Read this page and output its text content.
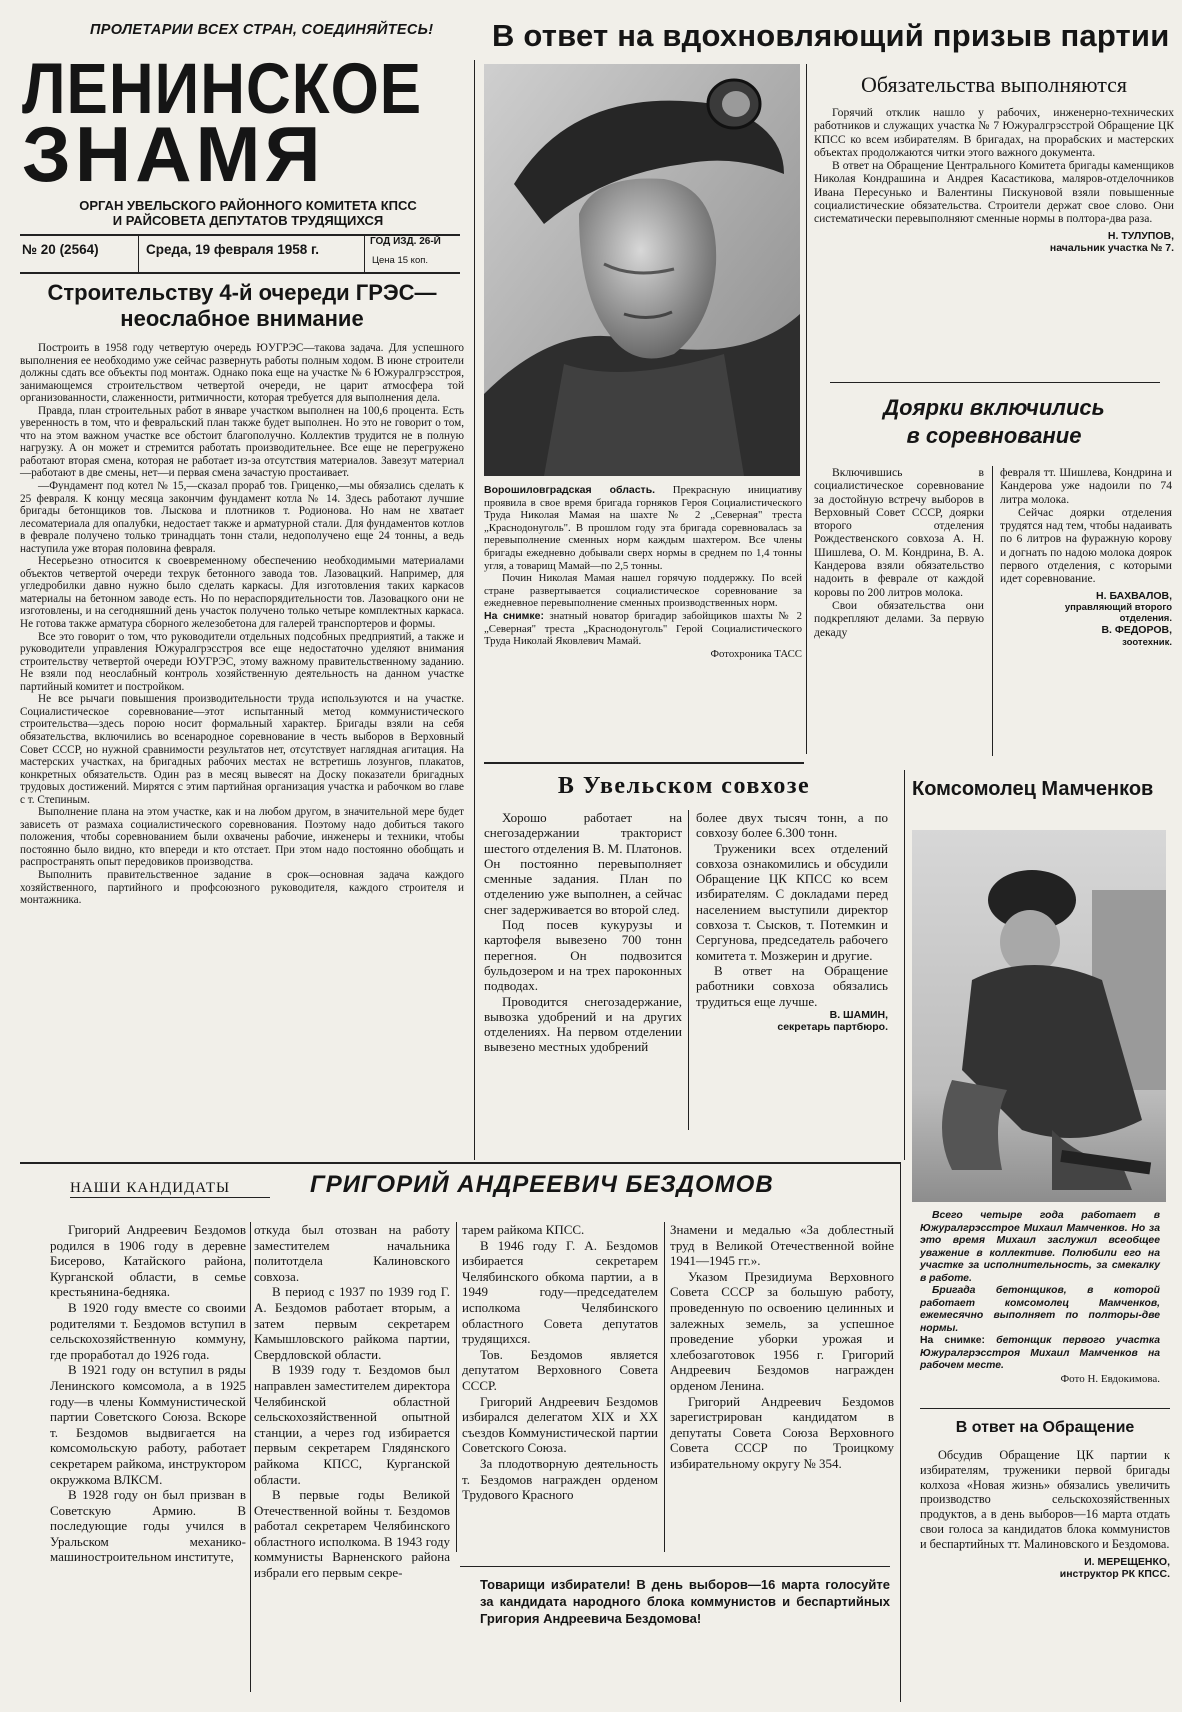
ПРОЛЕТАРИИ ВСЕХ СТРАН, СОЕДИНЯЙТЕСЬ!
ЛЕНИНСКОЕ
ЗНАМЯ
ОРГАН УВЕЛЬСКОГО РАЙОННОГО КОМИТЕТА КПСС
И РАЙСОВЕТА ДЕПУТАТОВ ТРУДЯЩИХСЯ
№ 20 (2564)	Среда, 19 февраля 1958 г.
ГОД ИЗД. 26-Й
Цена 15 коп.
В ответ на вдохновляющий призыв партии
Строительству 4-й очереди ГРЭС—
неослабное внимание

Построить в 1958 году четвертую очередь ЮУГРЭС—такова задача. Для успешного выполнения ее необходимо уже сейчас развернуть работы полным ходом. В июне строители должны сдать все объекты под монтаж. Однако пока еще на участке № 6 Южуралгрэсстроя, занимающемся строительством четвертой очереди, не царит атмосфера той организованности, слаженности, ритмичности, которая требуется для выполнения дела.

Правда, план строительных работ в январе участком выполнен на 100,6 процента. Есть уверенность в том, что и февральский план также будет выполнен. Но это не говорит о том, что на этом важном участке все обстоит благополучно. Коллектив трудится не в полную нагрузку. А он может и стремится работать производительнее. Все еще не перегружено работают вторая смена, которая не работает из-за отсутствия материалов. Завезут материал—работают в две смены, нет—и первая смена зачастую простаивает.

—Фундамент под котел № 15,—сказал прораб тов. Гриценко,—мы обязались сделать к 25 февраля. К концу месяца закончим фундамент котла № 14. Здесь работают лучшие бригады бетонщиков тов. Лыскова и плотников т. Родионова. Но нам не хватает лесоматериала для опалубки, недостает также и арматурной стали. Для фундаментов котлов в феврале получено только тринадцать тонн стали, недополучено еще 24 тонны, а ведь наступила уже вторая половина февраля.

Несерьезно относится к своевременному обеспечению необходимыми материалами объектов четвертой очереди техрук бетонного завода тов. Лазовацкий. Например, для угледробилки давно нужно было сделать каркасы. Для изготовления таких каркасов материалы на бетонном заводе есть. Но по нераспорядительности тов. Лазовацкого они не изготовлены, и на сегодняшний день участок получено только четыре комплектных каркаса. Не готова также арматура сборного железобетона для галерей транспортеров и формы.

Все это говорит о том, что руководители отдельных подсобных предприятий, а также и руководители управления Южуралгрэсстроя все еще недостаточно уделяют внимания строительству четвертой очереди ЮУГРЭС, этому важному правительственному заданию. Не взяли под неослабный контроль хозяйственную деятельность на данном участке партийный комитет и постройком.

Не все рычаги повышения производительности труда используются и на участке. Социалистическое соревнование—этот испытанный метод коммунистического строительства—здесь порою носит формальный характер. Бригады взяли на себя обязательства, включились во всенародное соревнование в честь выборов в Верховный Совет СССР, но нужной сравнимости результатов нет, отсутствует наглядная агитация. На мастерских участках, на бригадных рабочих местах не встретишь лозунгов, плакатов, конкретных обязательств. Один раз в месяц вывесят на Доску показатели бригадных трудовых достижений. Мирятся с этим партийная организация участка и рабочком во главе с т. Степиным.

Выполнение плана на этом участке, как и на любом другом, в значительной мере будет зависеть от размаха социалистического соревнования. Поэтому надо добиться такого положения, чтобы соревнованием были охвачены рабочие, инженеры и техники, чтобы постоянно было видно, кто впереди и кто отстает. При этом надо постоянно обобщать и распространять опыт передовиков производства.

Выполнить правительственное задание в срок—основная задача каждого хозяйственного, партийного и профсоюзного руководителя, каждого строителя и монтажника.

Ворошиловградская область. Прекрасную инициативу проявила в свое время бригада горняков Героя Социалистического Труда Николая Мамая на шахте № 2 „Северная" треста „Краснодонуголь". В прошлом году эта бригада соревновалась за перевыполнение сменных норм каждым шахтером. Все члены бригады ежедневно добывали сверх нормы в среднем по 1,4 тонны угля, а товарищ Мамай—по 2,5 тонны.

Почин Николая Мамая нашел горячую поддержку. По всей стране развертывается социалистическое соревнование за ежедневное перевыполнение сменных производственных норм.

На снимке: знатный новатор бригадир забойщиков шахты № 2 „Северная" треста „Краснодонуголь" Герой Социалистического Труда Николай Яковлевич Мамай.

Фотохроника ТАСС

Обязательства выполняются

Горячий отклик нашло у рабочих, инженерно-технических работников и служащих участка № 7 Южуралгрэсстрой Обращение ЦК КПСС ко всем избирателям. В бригадах, на прорабских и мастерских объектах продолжаются читки этого важного документа.

В ответ на Обращение Центрального Комитета бригады каменщиков Николая Кондрашина и Андрея Касастикова, маляров-отделочников Ивана Пересунько и Валентины Пискуновой взяли повышенные социалистические обязательства. Строители держат свое слово. Они систематически перевыполняют сменные нормы в полтора-два раза.

Н. ТУЛУПОВ,
начальник участка № 7.
Доярки включились
в соревнование

Включившись в социалистическое соревнование за достойную встречу выборов в Верховный Совет СССР, доярки второго отделения Рождественского совхоза А. Н. Шишлева, О. М. Кондрина, В. А. Кандерова взяли обязательство надоить в феврале от каждой коровы по 200 литров молока.

Свои обязательства они подкрепляют делами. За первую декаду

февраля тт. Шишлева, Кондрина и Кандерова уже надоили по 74 литра молока.

Сейчас доярки отделения трудятся над тем, чтобы надаивать по 6 литров на фуражную корову и догнать по надою молока доярок первого отделения, с которыми идет соревнование.

Н. БАХВАЛОВ,
управляющий второго
отделения.
В. ФЕДОРОВ,
зоотехник.
В Увельском совхозе

Хорошо работает на снегозадержании тракторист шестого отделения В. М. Платонов. Он постоянно перевыполняет сменные задания. План по отделению уже выполнен, а сейчас снег задерживается во второй след.

Под посев кукурузы и картофеля вывезено 700 тонн перегноя. Он подвозится бульдозером и на трех пароконных подводах.

Проводится снегозадержание, вывозка удобрений и на других отделениях. На первом отделении вывезено местных удобрений

более двух тысяч тонн, а по совхозу более 6.300 тонн.

Труженики всех отделений совхоза ознакомились и обсудили Обращение ЦК КПСС ко всем избирателям. С докладами перед населением выступили директор совхоза т. Сысков, т. Потемкин и Сергунова, председатель рабочего комитета т. Мозжерин и другие.

В ответ на Обращение работники совхоза обязались трудиться еще лучше.

В. ШАМИН,
секретарь партбюро.
Комсомолец Мамченков

Всего четыре года работает в Южуралгрэсстрое Михаил Мамченков. Но за это время Михаил заслужил всеобщее уважение в коллективе. Полюбили его на участке за исполнительность, за смекалку в работе.

Бригада бетонщиков, в которой работает комсомолец Мамченков, ежемесячно выполняет по полторы-две нормы.

На снимке: бетонщик первого участка Южуралгрэсстроя Михаил Мамченков на рабочем месте.

Фото Н. Евдокимова.

В ответ на Обращение

Обсудив Обращение ЦК партии к избирателям, труженики первой бригады колхоза «Новая жизнь» обязались увеличить производство сельскохозяйственных продуктов, а в день выборов—16 марта отдать свои голоса за кандидатов блока коммунистов и беспартийных тт. Малиновского и Бездомова.

И. МЕРЕЩЕНКО,
инструктор РК КПСС.
НАШИ КАНДИДАТЫ	ГРИГОРИЙ АНДРЕЕВИЧ БЕЗДОМОВ

Григорий Андреевич Бездомов родился в 1906 году в деревне Бисерово, Катайского района, Курганской области, в семье крестьянина-бедняка.

В 1920 году вместе со своими родителями т. Бездомов вступил в сельскохозяйственную коммуну, где проработал до 1926 года.

В 1921 году он вступил в ряды Ленинского комсомола, а в 1925 году—в члены Коммунистической партии Советского Союза. Вскоре т. Бездомов выдвигается на комсомольскую работу, работает секретарем райкома, инструктором окружкома ВЛКСМ.

В 1928 году он был призван в Советскую Армию. В последующие годы учился в Уральском механико-машиностроительном институте,

откуда был отозван на работу заместителем начальника политотдела Калиновского совхоза.

В период с 1937 по 1939 год Г. А. Бездомов работает вторым, а затем первым секретарем Камышловского райкома партии, Свердловской области.

В 1939 году т. Бездомов был направлен заместителем директора Челябинской областной сельскохозяйственной опытной станции, а через год избирается первым секретарем Глядянского райкома КПСС, Курганской области.

В первые годы Великой Отечественной войны т. Бездомов работал секретарем Челябинского областного исполкома. В 1943 году коммунисты Варненского района избрали его первым секре-

тарем райкома КПСС.

В 1946 году Г. А. Бездомов избирается секретарем Челябинского обкома партии, а в 1949 году—председателем исполкома Челябинского областного Совета депутатов трудящихся.

Тов. Бездомов является депутатом Верховного Совета СССР.

Григорий Андреевич Бездомов избирался делегатом XIX и XX съездов Коммунистической партии Советского Союза.

За плодотворную деятельность т. Бездомов награжден орденом Трудового Красного

Знамени и медалью «За доблестный труд в Великой Отечественной войне 1941—1945 гг.».

Указом Президиума Верховного Совета СССР за большую работу, проведенную по освоению целинных и залежных земель, за успешное проведение уборки урожая и хлебозаготовок 1956 г. Григорий Андреевич Бездомов награжден орденом Ленина.

Григорий Андреевич Бездомов зарегистрирован кандидатом в депутаты Совета Союза Верховного Совета СССР по Троицкому избирательному округу № 354.

Товарищи избиратели! В день выборов—16 марта голосуйте за кандидата народного блока коммунистов и беспартийных Григория Андреевича Бездомова!
